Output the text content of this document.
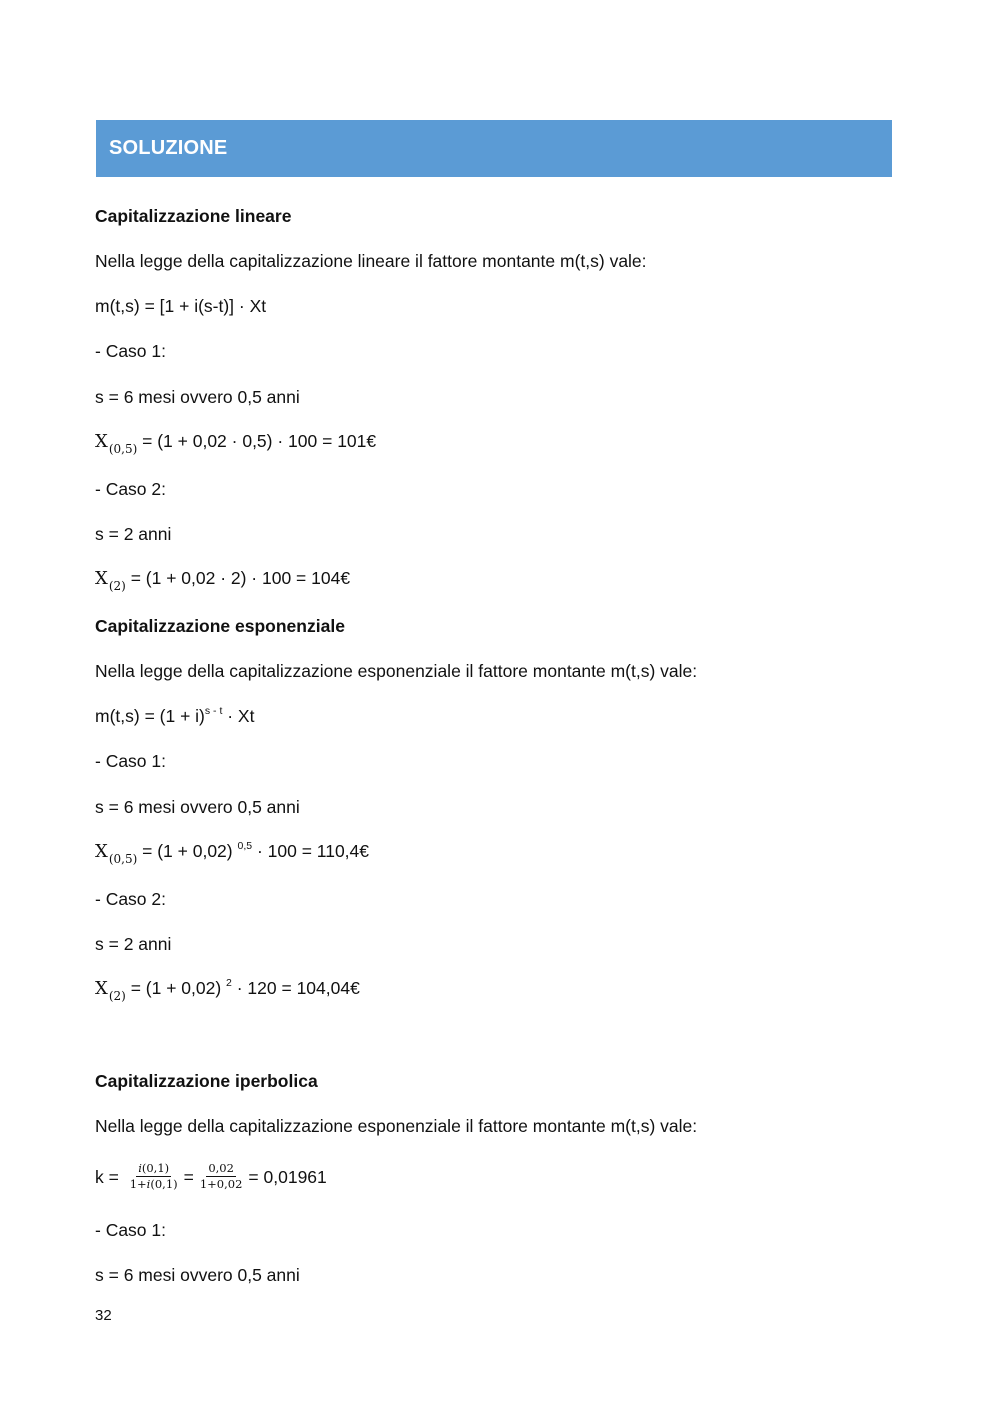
SOLUZIONE
Capitalizzazione lineare
Nella legge della capitalizzazione lineare il fattore montante m(t,s) vale:
m(t,s) = [1 + i(s-t)] · Xt
- Caso 1:
s = 6 mesi ovvero 0,5 anni
$X_{(0,5)} = (1 + 0,02 \cdot 0,5) \cdot 100$ = 101€
- Caso 2:
s = 2 anni
$X_{(2)} = (1 + 0,02 \cdot 2) \cdot 100$ = 104€
Capitalizzazione esponenziale
Nella legge della capitalizzazione esponenziale il fattore montante m(t,s) vale:
$m(t,s) = (1 + i)^{s - t} \cdot Xt$
- Caso 1:
s = 6 mesi ovvero 0,5 anni
$X_{(0,5)} = (1 + 0,02) ^{0,5} \cdot 100$ = 110,4€
- Caso 2:
s = 2 anni
$X_{(2)} = (1 + 0,02) ^2 \cdot 120$ = 104,04€
Capitalizzazione iperbolica
Nella legge della capitalizzazione esponenziale il fattore montante m(t,s) vale:
$k = \frac{i(0,1)}{1+i(0,1)} = \frac{0,02}{1+0,02} = 0,01961$
- Caso 1:
s = 6 mesi ovvero 0,5 anni
32
